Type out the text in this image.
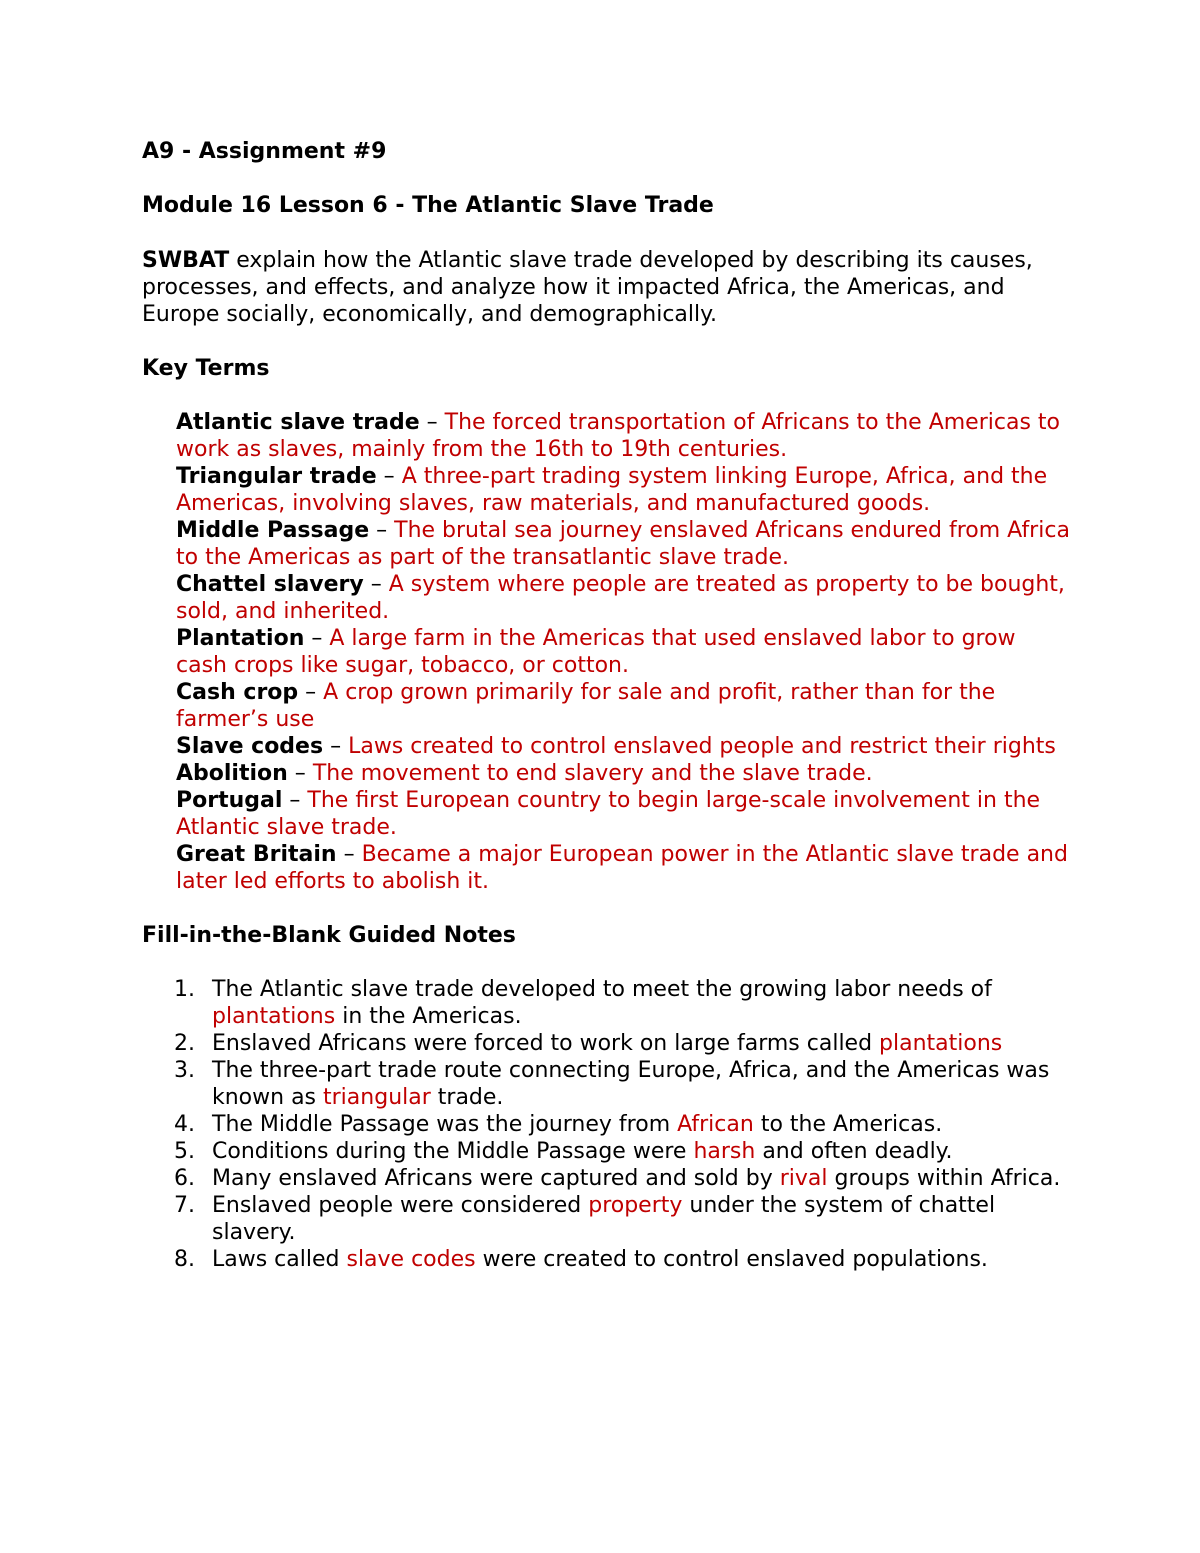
A9 - Assignment #9

Module 16 Lesson 6 - The Atlantic Slave Trade

SWBAT explain how the Atlantic slave trade developed by describing its causes, processes, and effects, and analyze how it impacted Africa, the Americas, and Europe socially, economically, and demographically.

Key Terms

Atlantic slave trade – The forced transportation of Africans to the Americas to work as slaves, mainly from the 16th to 19th centuries.
Triangular trade – A three-part trading system linking Europe, Africa, and the Americas, involving slaves, raw materials, and manufactured goods.
Middle Passage – The brutal sea journey enslaved Africans endured from Africa to the Americas as part of the transatlantic slave trade.
Chattel slavery – A system where people are treated as property to be bought, sold, and inherited.
Plantation – A large farm in the Americas that used enslaved labor to grow cash crops like sugar, tobacco, or cotton.
Cash crop – A crop grown primarily for sale and profit, rather than for the farmer’s use
Slave codes – Laws created to control enslaved people and restrict their rights
Abolition – The movement to end slavery and the slave trade.
Portugal – The first European country to begin large-scale involvement in the Atlantic slave trade.
Great Britain – Became a major European power in the Atlantic slave trade and later led efforts to abolish it.

Fill-in-the-Blank Guided Notes

1. The Atlantic slave trade developed to meet the growing labor needs of plantations in the Americas.
2. Enslaved Africans were forced to work on large farms called plantations
3. The three-part trade route connecting Europe, Africa, and the Americas was known as triangular trade.
4. The Middle Passage was the journey from African to the Americas.
5. Conditions during the Middle Passage were harsh and often deadly.
6. Many enslaved Africans were captured and sold by rival groups within Africa.
7. Enslaved people were considered property under the system of chattel slavery.
8. Laws called slave codes were created to control enslaved populations.
